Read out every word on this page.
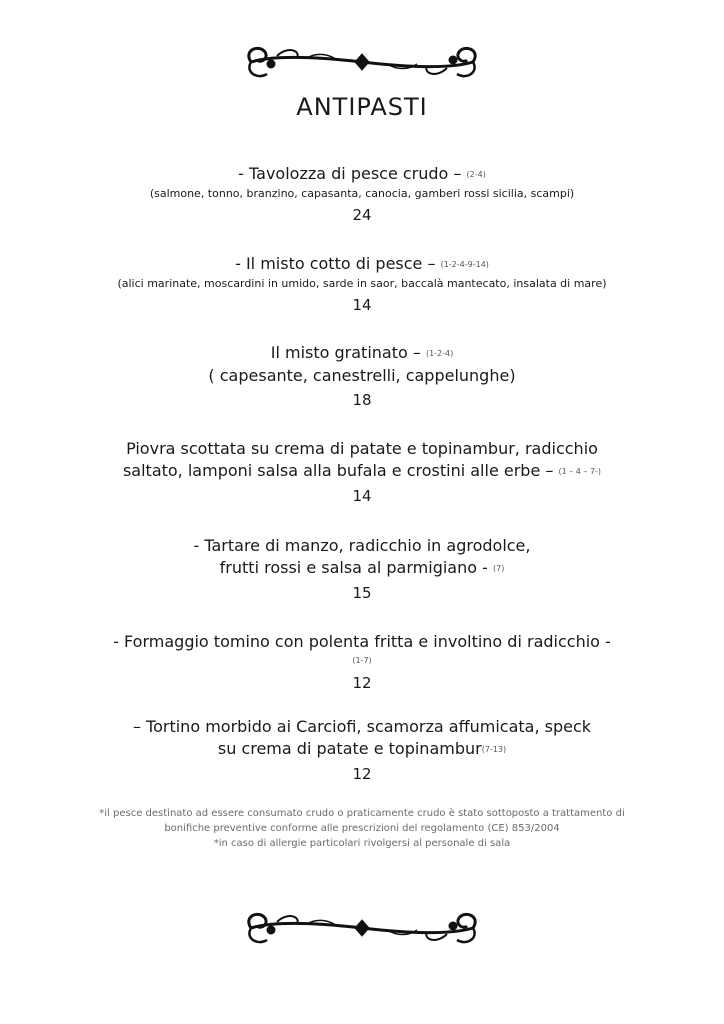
ANTIPASTI
- Tavolozza di pesce crudo – (2-4)
(salmone, tonno, branzino, capasanta, canocia, gamberi rossi sicilia, scampi)
24
- Il misto cotto di pesce – (1-2-4-9-14)
(alici marinate, moscardini in umido, sarde in saor, baccalà mantecato, insalata di mare)
14
Il misto gratinato – (1-2-4)
( capesante, canestrelli, cappelunghe)
18
Piovra scottata su crema di patate e topinambur, radicchio
saltato, lamponi salsa alla bufala e crostini alle erbe – (1 – 4 – 7-)
14
- Tartare di manzo, radicchio in agrodolce,
frutti rossi e salsa al parmigiano - (7)
15
- Formaggio tomino con polenta fritta e involtino di radicchio -
(1-7)
12
– Tortino morbido ai Carciofi, scamorza affumicata, speck
su crema di patate e topinambur(7-13)
12
*il pesce destinato ad essere consumato crudo o praticamente crudo è stato sottoposto a trattamento di
bonifiche preventive conforme alle prescrizioni del regolamento (CE) 853/2004
*in caso di allergie particolari rivolgersi al personale di sala
